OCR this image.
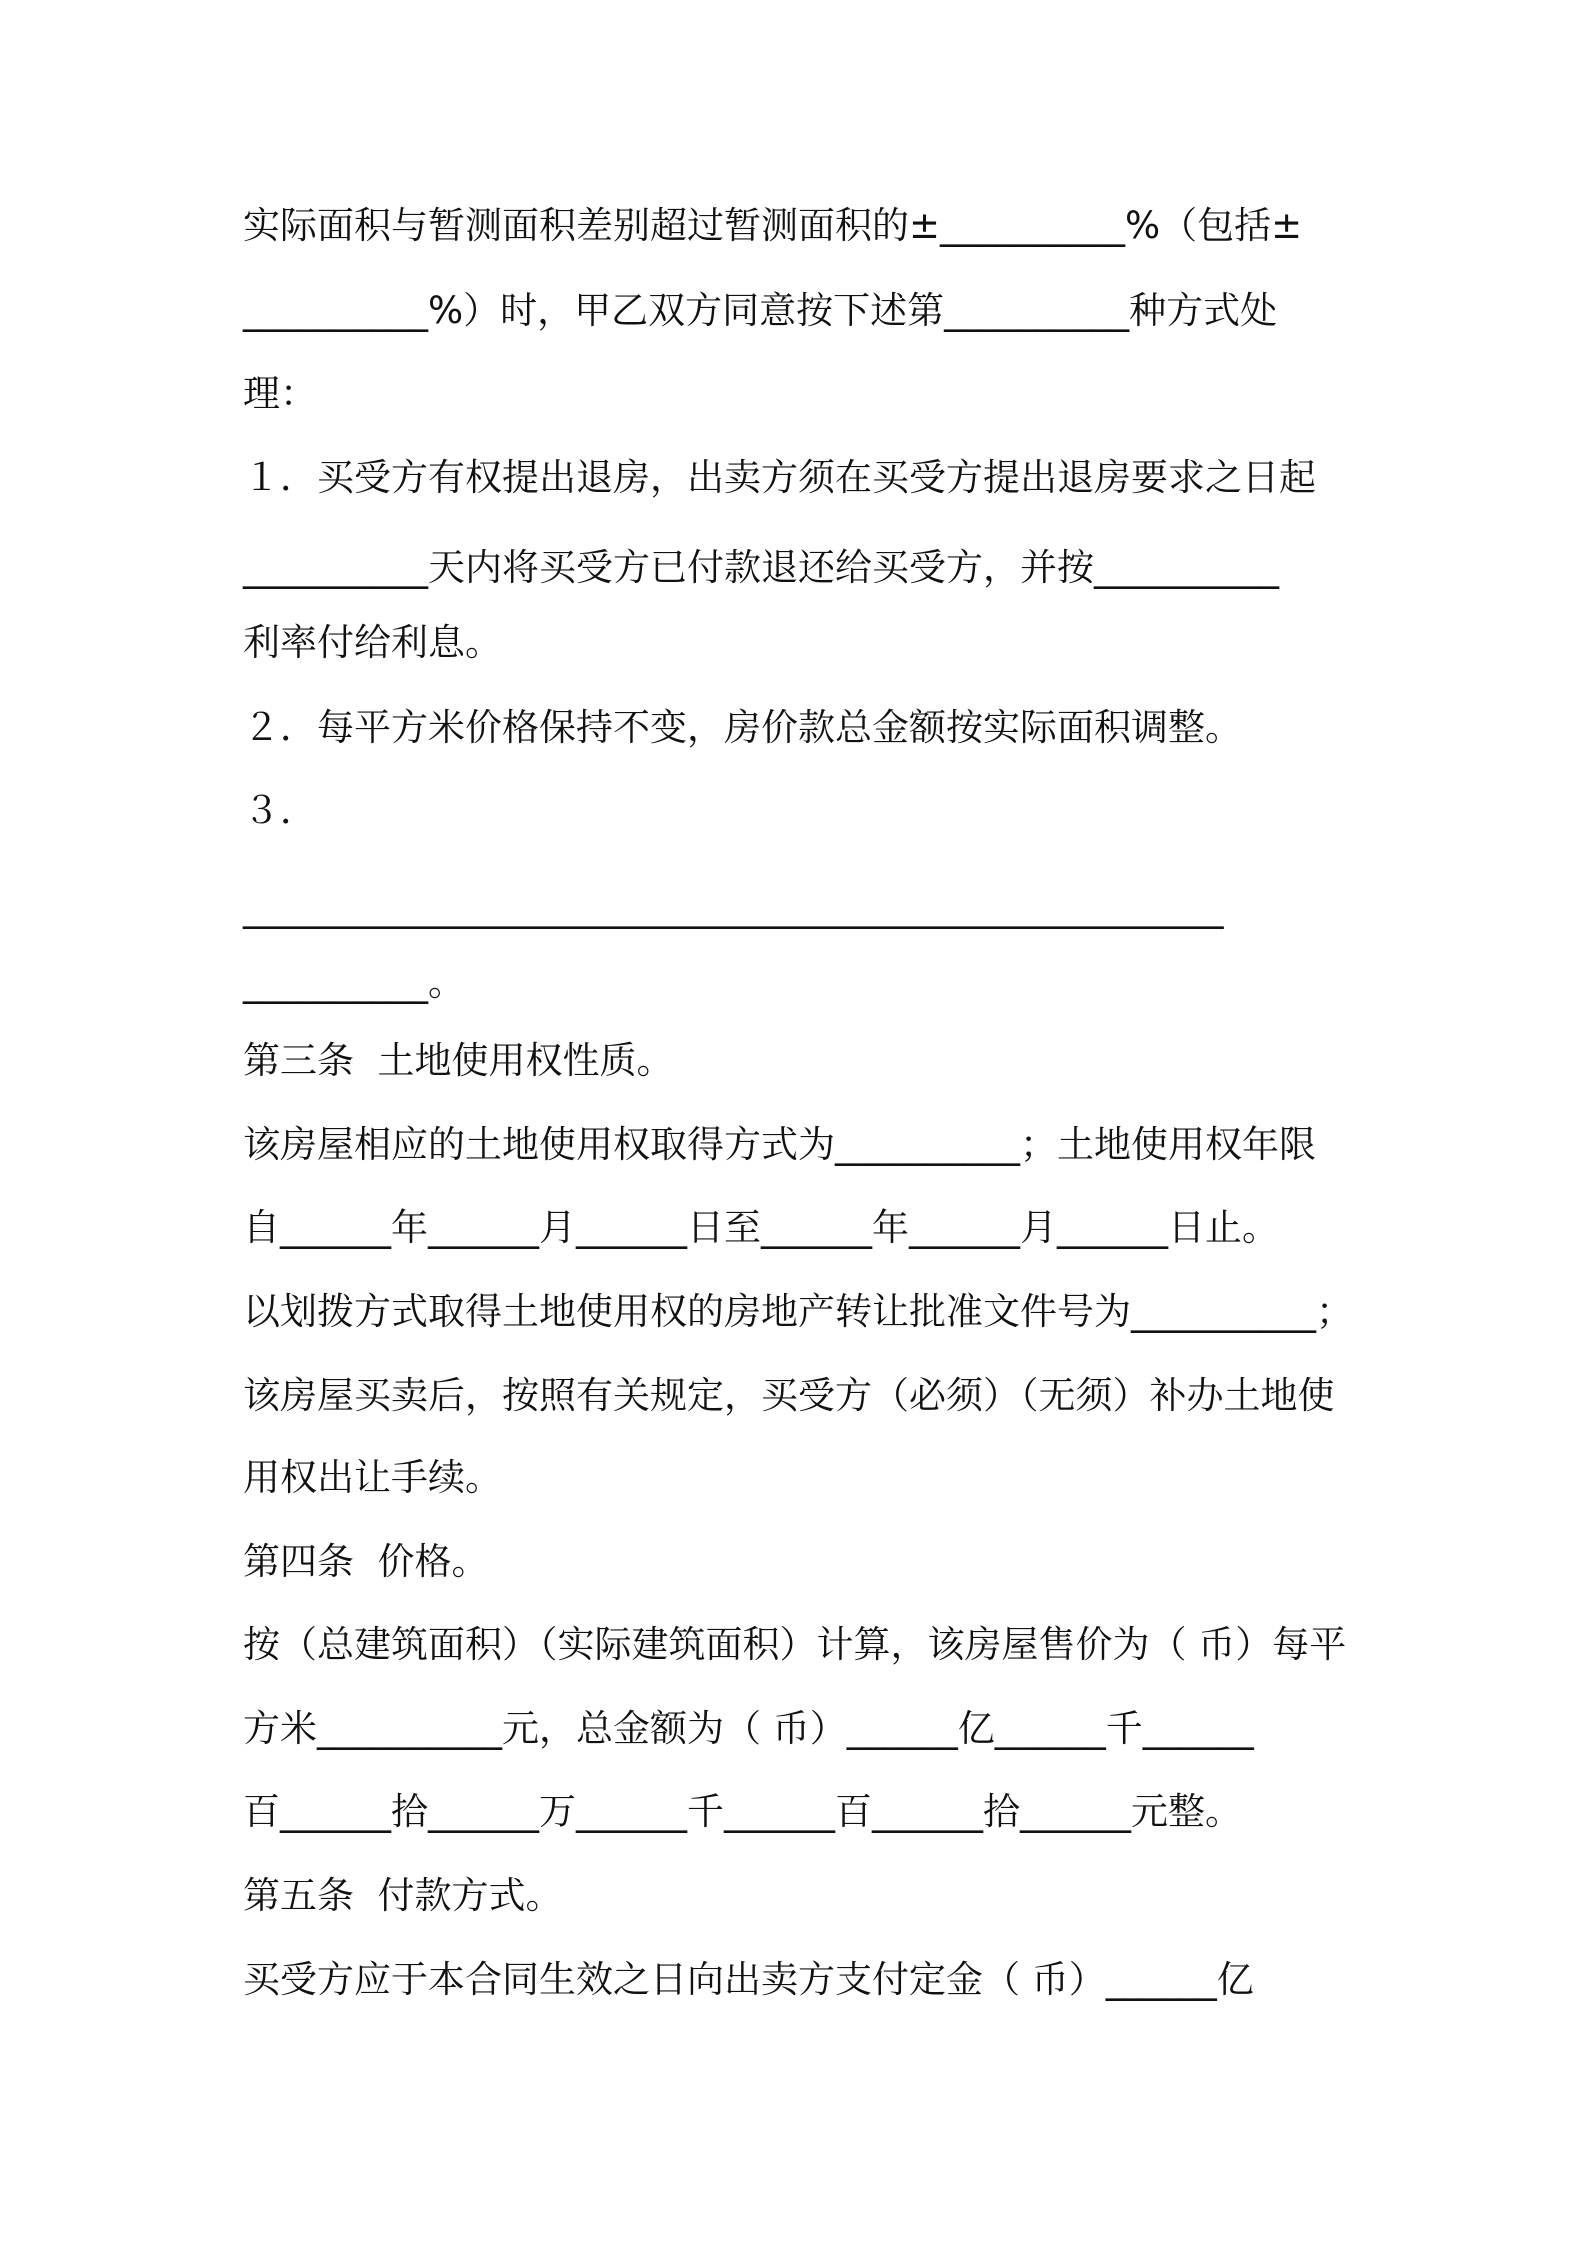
实际面积与暂测面积差别超过暂测面积的±__________%（包括±
__________%）时，甲乙双方同意按下述第__________种方式处
理：
１．买受方有权提出退房，出卖方须在买受方提出退房要求之日起
__________天内将买受方已付款退还给买受方，并按__________
利率付给利息。
２．每平方米价格保持不变，房价款总金额按实际面积调整。
３．
_____________________________________________________
__________。
第三条  土地使用权性质。
该房屋相应的土地使用权取得方式为__________；土地使用权年限
自______年______月______日至______年______月______日止。
以划拨方式取得土地使用权的房地产转让批准文件号为__________；
该房屋买卖后，按照有关规定，买受方（必须）（无须）补办土地使
用权出让手续。
第四条  价格。
按（总建筑面积）（实际建筑面积）计算，该房屋售价为（ 币）每平
方米__________元，总金额为（ 币）______亿______千______
百______拾______万______千______百______拾______元整。
第五条  付款方式。
买受方应于本合同生效之日向出卖方支付定金（ 币）______亿
